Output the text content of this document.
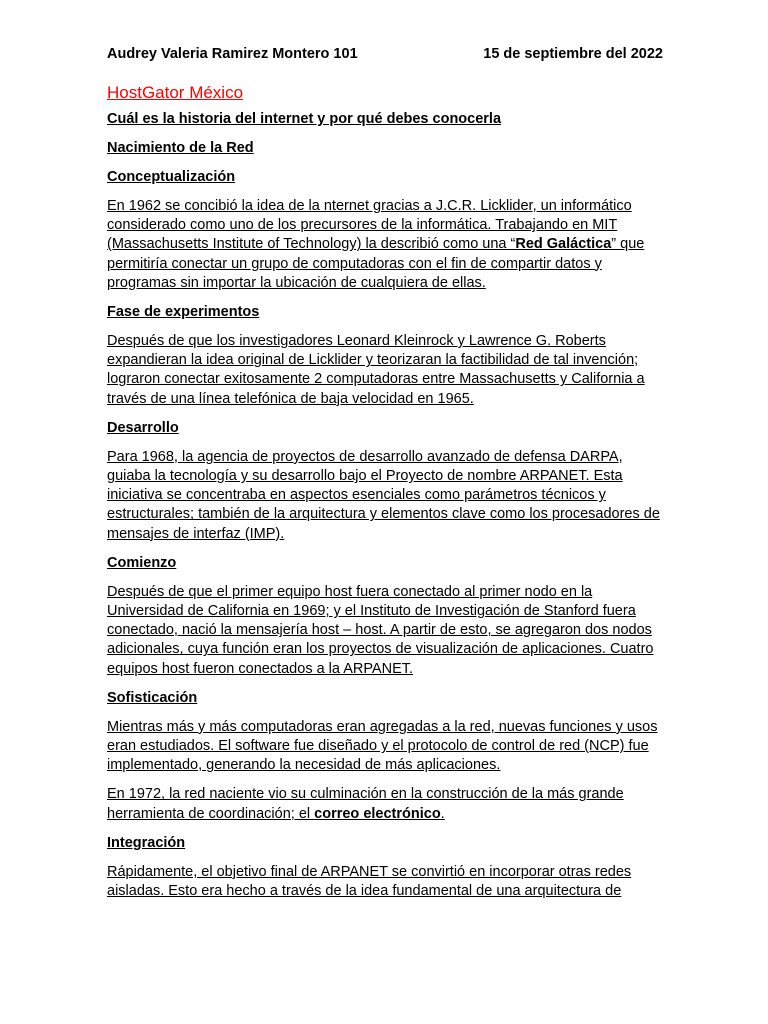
Audrey Valeria Ramirez Montero 101	15 de septiembre del 2022
HostGator México
Cuál es la historia del internet y por qué debes conocerla
Nacimiento de la Red
Conceptualización
En 1962 se concibió la idea de la nternet gracias a J.C.R. Licklider, un informático considerado como uno de los precursores de la informática. Trabajando en MIT (Massachusetts Institute of Technology) la describió como una “Red Galáctica” que permitiría conectar un grupo de computadoras con el fin de compartir datos y programas sin importar la ubicación de cualquiera de ellas.
Fase de experimentos
Después de que los investigadores Leonard Kleinrock y Lawrence G. Roberts expandieran la idea original de Licklider y teorizaran la factibilidad de tal invención; lograron conectar exitosamente 2 computadoras entre Massachusetts y California a través de una línea telefónica de baja velocidad en 1965.
Desarrollo
Para 1968, la agencia de proyectos de desarrollo avanzado de defensa DARPA, guiaba la tecnología y su desarrollo bajo el Proyecto de nombre ARPANET. Esta iniciativa se concentraba en aspectos esenciales como parámetros técnicos y estructurales; también de la arquitectura y elementos clave como los procesadores de mensajes de interfaz (IMP).
Comienzo
Después de que el primer equipo host fuera conectado al primer nodo en la Universidad de California en 1969; y el Instituto de Investigación de Stanford fuera conectado, nació la mensajería host – host. A partir de esto, se agregaron dos nodos adicionales, cuya función eran los proyectos de visualización de aplicaciones. Cuatro equipos host fueron conectados a la ARPANET.
Sofisticación
Mientras más y más computadoras eran agregadas a la red, nuevas funciones y usos eran estudiados. El software fue diseñado y el protocolo de control de red (NCP) fue implementado, generando la necesidad de más aplicaciones.
En 1972, la red naciente vio su culminación en la construcción de la más grande herramienta de coordinación; el correo electrónico.
Integración
Rápidamente, el objetivo final de ARPANET se convirtió en incorporar otras redes aisladas. Esto era hecho a través de la idea fundamental de una arquitectura de
